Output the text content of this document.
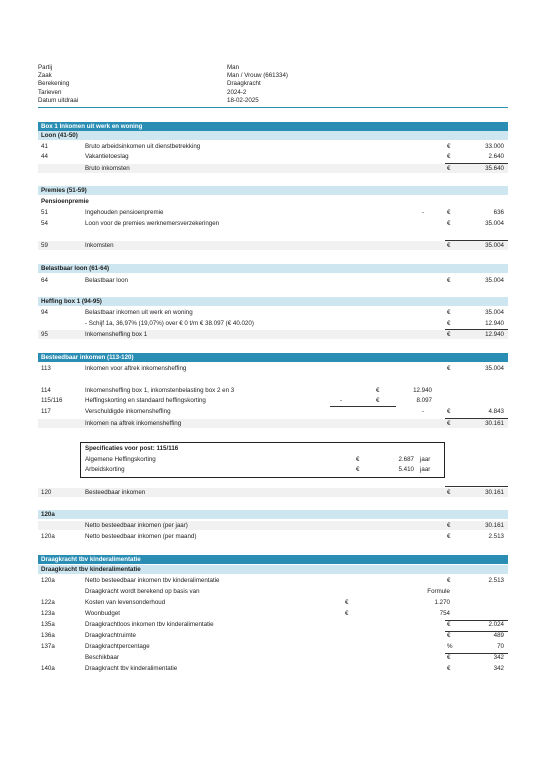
Partij	Man
Zaak	Man / Vrouw (661334)
Berekening	Draagkracht
Tarieven	2024-2
Datum uitdraai	18-02-2025
Box 1 Inkomen uit werk en woning
Loon (41-50)
41	Bruto arbeidsinkomen uit dienstbetrekking	€	33.000
44	Vakantietoeslag	€	2.640
Bruto inkomsten	€	35.640
Premies (51-59)
Pensioenpremie
51	Ingehouden pensioenpremie	-	€	636
54	Loon voor de premies werknemersverzekeringen	€	35.004
59	Inkomsten	€	35.004
Belastbaar loon (61-64)
64	Belastbaar loon	€	35.004
Heffing box 1 (94-95)
94	Belastbaar inkomen uit werk en woning	€	35.004
- Schijf 1a, 36,97% (19,07%) over € 0 t/m € 38.097 (€ 40.020)	€	12.940
95	Inkomensheffing box 1	€	12.940
Besteedbaar inkomen (113-120)
113	Inkomen voor aftrek inkomensheffing	€	35.004
114	Inkomensheffing box 1, inkomstenbelasting box 2 en 3	€	12.940
115/116	Heffingskorting en standaard heffingskorting	-	€	8.097
117	Verschuldigde inkomensheffing	-	€	4.843
Inkomen na aftrek inkomensheffing	€	30.161
Specificaties voor post: 115/116
Algemene Heffingskorting	€	2.687 jaar
Arbeidskorting	€	5.410 jaar
120	Besteedbaar inkomen	€	30.161
120a
Netto besteedbaar inkomen (per jaar)	€	30.161
120a	Netto besteedbaar inkomen (per maand)	€	2.513
Draagkracht tbv kinderalimentatie
Draagkracht tbv kinderalimentatie
120a	Netto besteedbaar inkomen tbv kinderalimentatie	€	2.513
Draagkracht wordt berekend op basis van	Formule
122a	Kosten van levensonderhoud	€	1.270
123a	Woonbudget	€	754
135a	Draagkrachtloos inkomen tbv kinderalimentatie	€	2.024
136a	Draagkrachtruimte	€	489
137a	Draagkrachtpercentage	%	70
Beschikbaar	€	342
140a	Draagkracht tbv kinderalimentatie	€	342
